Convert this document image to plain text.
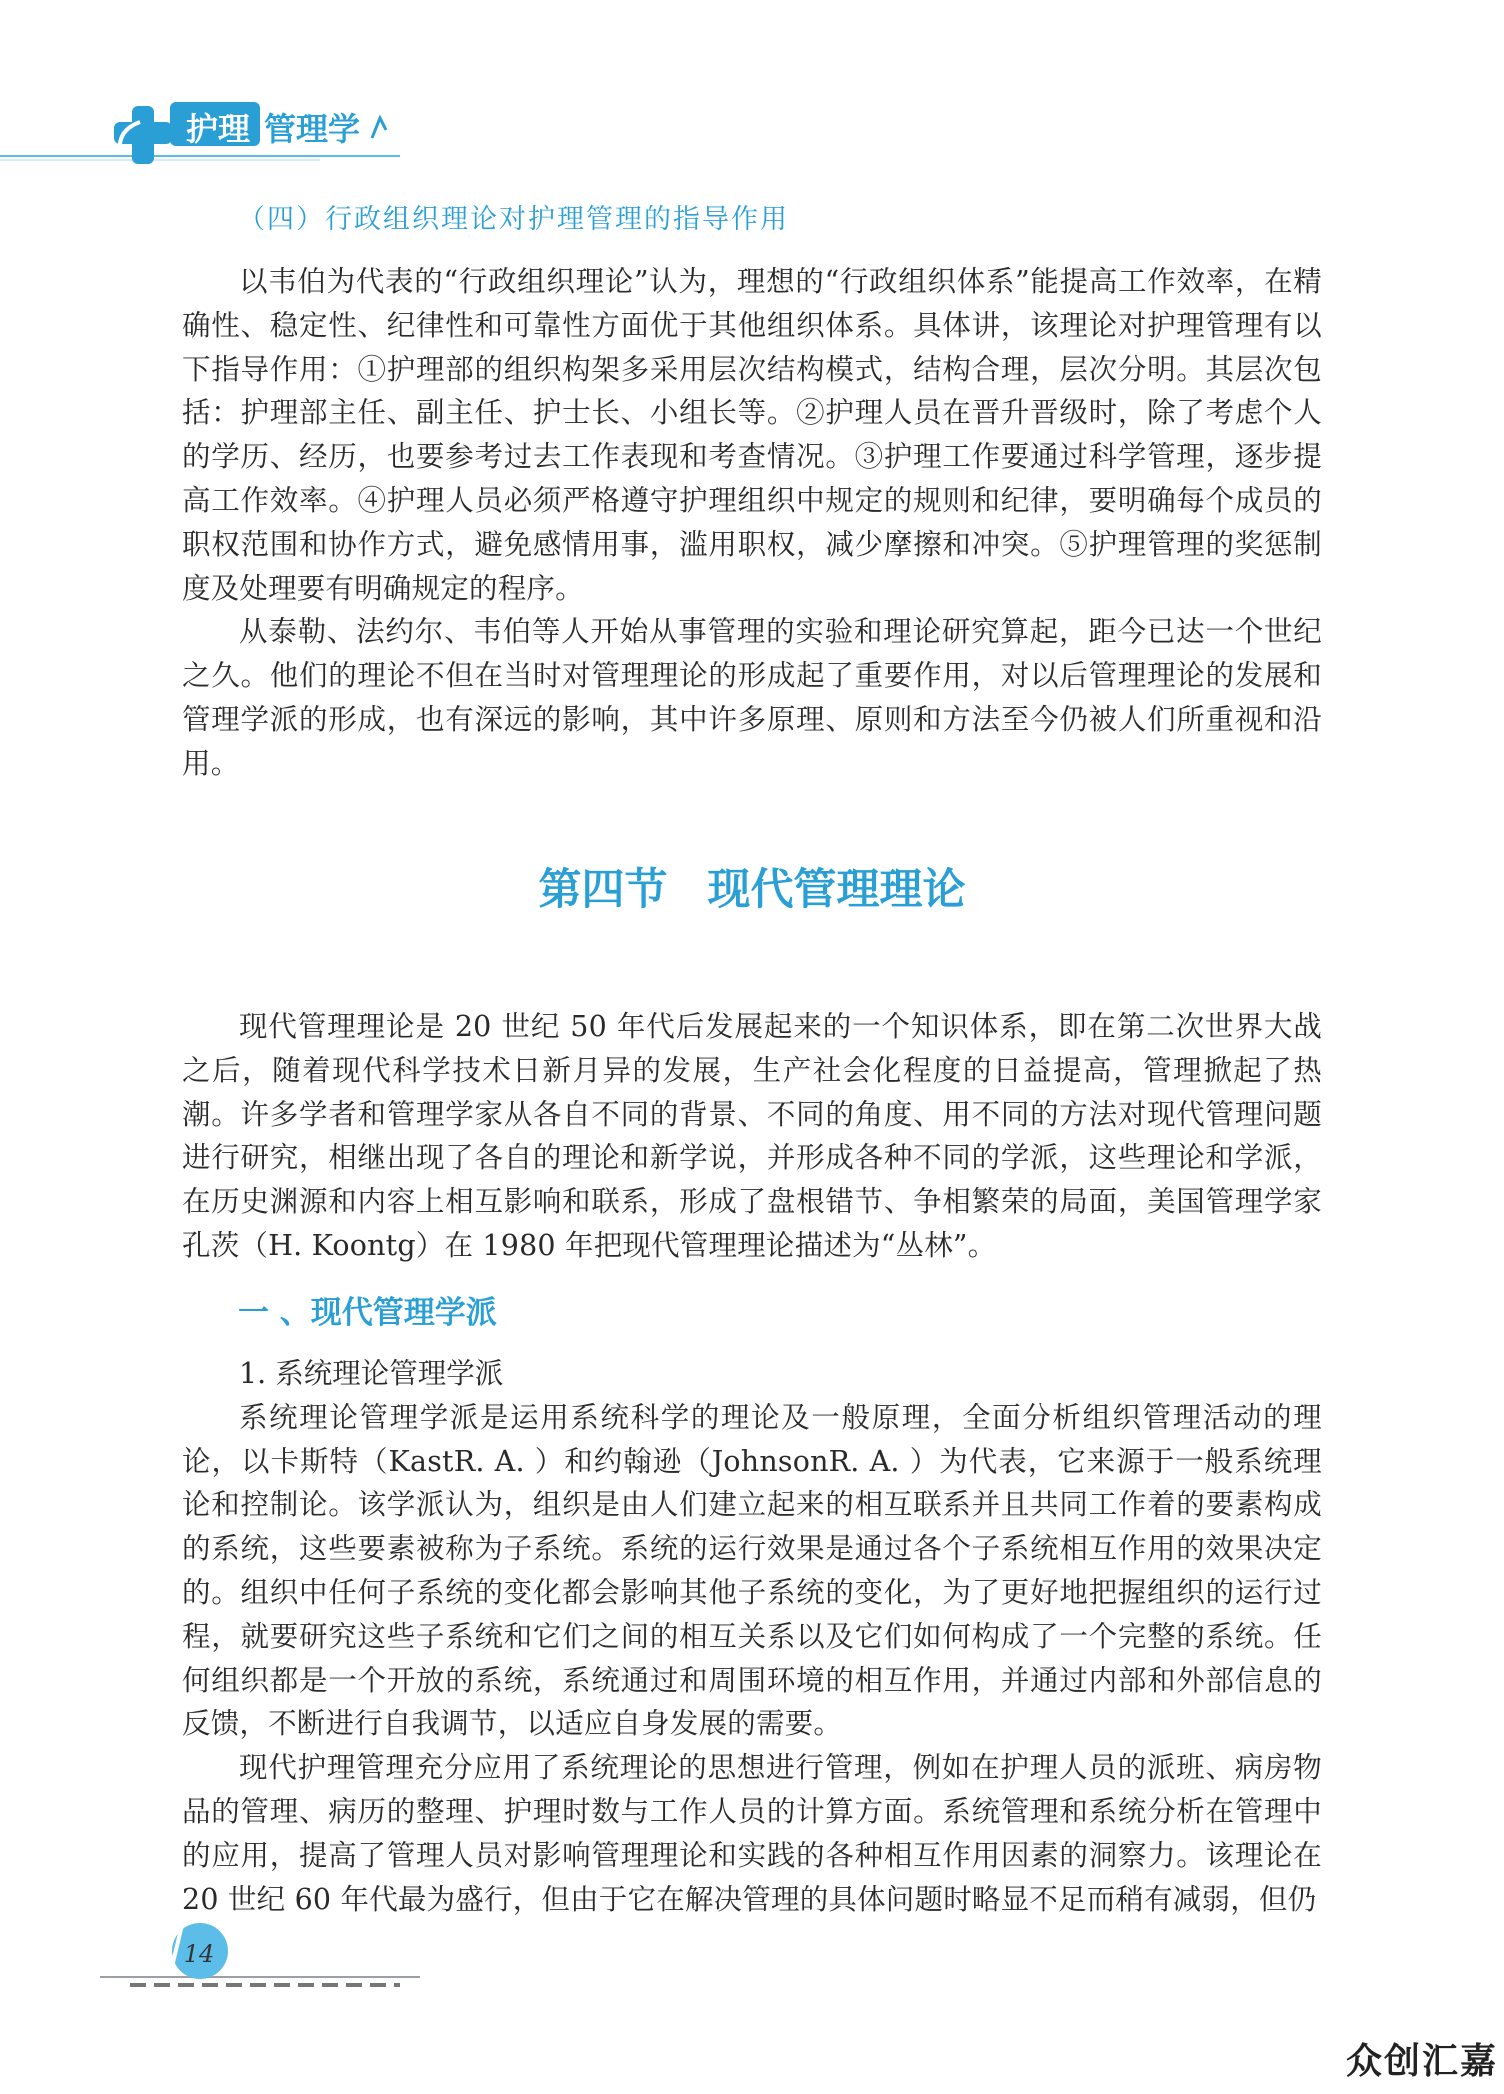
护理 管理学
（四）行政组织理论对护理管理的指导作用

以韦伯为代表的“行政组织理论”认为，理想的“行政组织体系”能提高工作效率，在精确性、稳定性、纪律性和可靠性方面优于其他组织体系。具体讲，该理论对护理管理有以下指导作用：①护理部的组织构架多采用层次结构模式，结构合理，层次分明。其层次包括：护理部主任、副主任、护士长、小组长等。②护理人员在晋升晋级时，除了考虑个人的学历、经历，也要参考过去工作表现和考查情况。③护理工作要通过科学管理，逐步提高工作效率。④护理人员必须严格遵守护理组织中规定的规则和纪律，要明确每个成员的职权范围和协作方式，避免感情用事，滥用职权，减少摩擦和冲突。⑤护理管理的奖惩制度及处理要有明确规定的程序。

从泰勒、法约尔、韦伯等人开始从事管理的实验和理论研究算起，距今已达一个世纪之久。他们的理论不但在当时对管理理论的形成起了重要作用，对以后管理理论的发展和管理学派的形成，也有深远的影响，其中许多原理、原则和方法至今仍被人们所重视和沿用。

第四节 现代管理理论

现代管理理论是 20 世纪 50 年代后发展起来的一个知识体系，即在第二次世界大战之后，随着现代科学技术日新月异的发展，生产社会化程度的日益提高，管理掀起了热潮。许多学者和管理学家从各自不同的背景、不同的角度、用不同的方法对现代管理问题进行研究，相继出现了各自的理论和新学说，并形成各种不同的学派，这些理论和学派，在历史渊源和内容上相互影响和联系，形成了盘根错节、争相繁荣的局面，美国管理学家孔茨（H. Koontg）在 1980 年把现代管理理论描述为“丛林”。

一 、现代管理学派

1. 系统理论管理学派

系统理论管理学派是运用系统科学的理论及一般原理，全面分析组织管理活动的理论，以卡斯特（KastR. A. ）和约翰逊（JohnsonR. A. ）为代表，它来源于一般系统理论和控制论。该学派认为，组织是由人们建立起来的相互联系并且共同工作着的要素构成的系统，这些要素被称为子系统。系统的运行效果是通过各个子系统相互作用的效果决定的。组织中任何子系统的变化都会影响其他子系统的变化，为了更好地把握组织的运行过程，就要研究这些子系统和它们之间的相互关系以及它们如何构成了一个完整的系统。任何组织都是一个开放的系统，系统通过和周围环境的相互作用，并通过内部和外部信息的反馈，不断进行自我调节，以适应自身发展的需要。

现代护理管理充分应用了系统理论的思想进行管理，例如在护理人员的派班、病房物品的管理、病历的整理、护理时数与工作人员的计算方面。系统管理和系统分析在管理中的应用，提高了管理人员对影响管理理论和实践的各种相互作用因素的洞察力。该理论在 20 世纪 60 年代最为盛行，但由于它在解决管理的具体问题时略显不足而稍有减弱，但仍

14
众创汇嘉
